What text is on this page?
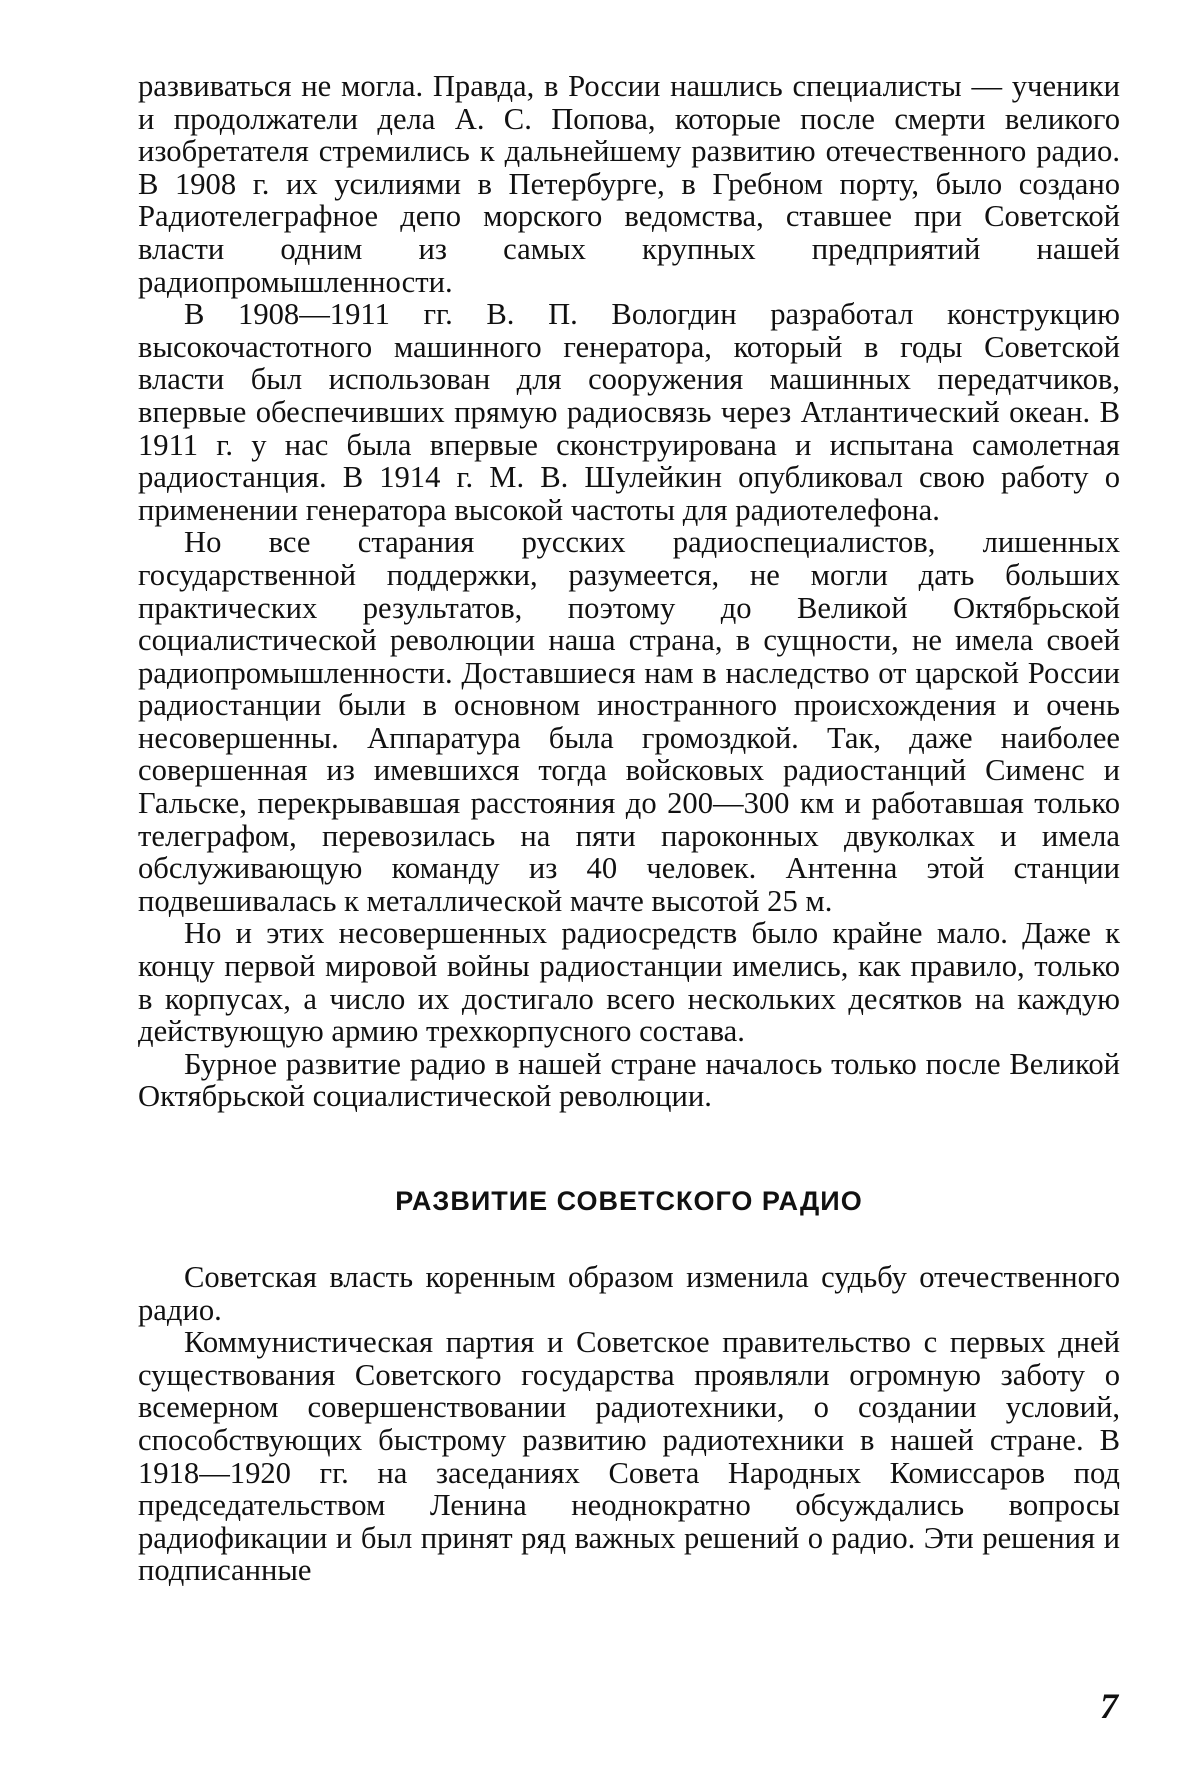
развиваться не могла. Правда, в России нашлись специалисты — ученики и продолжатели дела А. С. Попова, которые после смерти великого изобретателя стремились к дальнейшему развитию отечественного радио. В 1908 г. их усилиями в Петербурге, в Гребном порту, было создано Радиотелеграфное депо морского ведомства, ставшее при Советской власти одним из самых крупных предприятий нашей радиопромышленности.

В 1908—1911 гг. В. П. Вологдин разработал конструкцию высокочастотного машинного генератора, который в годы Советской власти был использован для сооружения машинных передатчиков, впервые обеспечивших прямую радиосвязь через Атлантический океан. В 1911 г. у нас была впервые сконструирована и испытана самолетная радиостанция. В 1914 г. М. В. Шулейкин опубликовал свою работу о применении генератора высокой частоты для радиотелефона.

Но все старания русских радиоспециалистов, лишенных государственной поддержки, разумеется, не могли дать больших практических результатов, поэтому до Великой Октябрьской социалистической революции наша страна, в сущности, не имела своей радиопромышленности. Доставшиеся нам в наследство от царской России радиостанции были в основном иностранного происхождения и очень несовершенны. Аппаратура была громоздкой. Так, даже наиболее совершенная из имевшихся тогда войсковых радиостанций Сименс и Гальске, перекрывавшая расстояния до 200—300 км и работавшая только телеграфом, перевозилась на пяти пароконных двуколках и имела обслуживающую команду из 40 человек. Антенна этой станции подвешивалась к металлической мачте высотой 25 м.

Но и этих несовершенных радиосредств было крайне мало. Даже к концу первой мировой войны радиостанции имелись, как правило, только в корпусах, а число их достигало всего нескольких десятков на каждую действующую армию трехкорпусного состава.

Бурное развитие радио в нашей стране началось только после Великой Октябрьской социалистической революции.

РАЗВИТИЕ СОВЕТСКОГО РАДИО

Советская власть коренным образом изменила судьбу отечественного радио.

Коммунистическая партия и Советское правительство с первых дней существования Советского государства проявляли огромную заботу о всемерном совершенствовании радиотехники, о создании условий, способствующих быстрому развитию радиотехники в нашей стране. В 1918—1920 гг. на заседаниях Совета Народных Комиссаров под председательством Ленина неоднократно обсуждались вопросы радиофикации и был принят ряд важных решений о радио. Эти решения и подписанные

7
